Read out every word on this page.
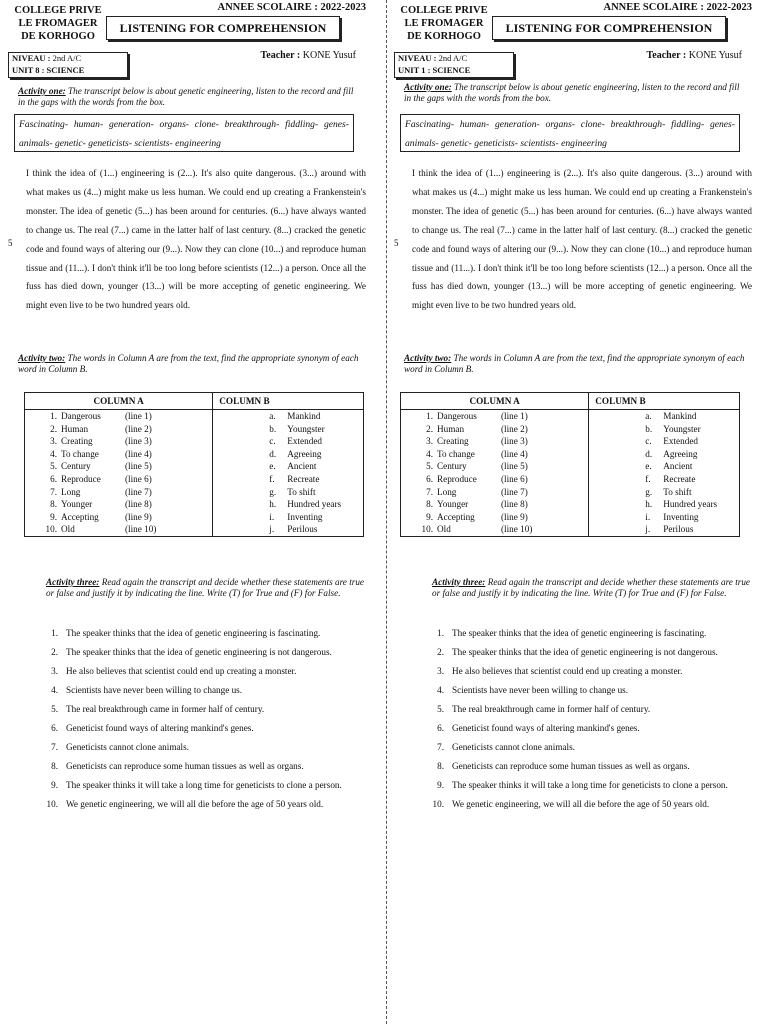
COLLEGE PRIVE
LE FROMAGER
DE KORHOGO
ANNEE SCOLAIRE : 2022-2023
LISTENING FOR COMPREHENSION
NIVEAU : 2nd A/C
UNIT 8 : SCIENCE
Teacher : KONE Yusuf
Activity one: The transcript below is about genetic engineering, listen to the record and fill in the gaps with the words from the box.
Fascinating- human- generation- organs- clone- breakthrough- fiddling- genes- animals- genetic- geneticists- scientists- engineering
5
I think the idea of (1...) engineering is (2...). It's also quite dangerous. (3...) around with what makes us (4...) might make us less human. We could end up creating a Frankenstein's monster. The idea of genetic (5...) has been around for centuries. (6...) have always wanted to change us. The real (7...) came in the latter half of last century. (8...) cracked the genetic code and found ways of altering our (9...). Now they can clone (10...) and reproduce human tissue and (11...). I don't think it'll be too long before scientists (12...) a person. Once all the fuss has died down, younger (13...) will be more accepting of genetic engineering. We might even live to be two hundred years old.
Activity two: The words in Column A are from the text, find the appropriate synonym of each word in Column B.
COLUMN A	COLUMN B

1. Dangerous (line 1)	a. Mankind

2. Human (line 2)	b. Youngster

3. Creating (line 3)	c. Extended

4. To change (line 4)	d. Agreeing

5. Century (line 5)	e. Ancient

6. Reproduce (line 6)	f. Recreate

7. Long (line 7)	g. To shift

8. Younger (line 8)	h. Hundred years

9. Accepting (line 9)	i. Inventing

10. Old (line 10)	j. Perilous
Activity three: Read again the transcript and decide whether these statements are true or false and justify it by indicating the line. Write (T) for True and (F) for False.
1. The speaker thinks that the idea of genetic engineering is fascinating.
2. The speaker thinks that the idea of genetic engineering is not dangerous.
3. He also believes that scientist could end up creating a monster.
4. Scientists have never been willing to change us.
5. The real breakthrough came in former half of century.
6. Geneticist found ways of altering mankind's genes.
7. Geneticists cannot clone animals.
8. Geneticists can reproduce some human tissues as well as organs.
9. The speaker thinks it will take a long time for geneticists to clone a person.
10. We genetic engineering, we will all die before the age of 50 years old.
COLLEGE PRIVE
LE FROMAGER
DE KORHOGO
ANNEE SCOLAIRE : 2022-2023
LISTENING FOR COMPREHENSION
NIVEAU : 2nd A/C
UNIT 1 : SCIENCE
Teacher : KONE Yusuf
Activity one: The transcript below is about genetic engineering, listen to the record and fill in the gaps with the words from the box.
Fascinating- human- generation- organs- clone- breakthrough- fiddling- genes- animals- genetic- geneticists- scientists- engineering
5
I think the idea of (1...) engineering is (2...). It's also quite dangerous. (3...) around with what makes us (4...) might make us less human. We could end up creating a Frankenstein's monster. The idea of genetic (5...) has been around for centuries. (6...) have always wanted to change us. The real (7...) came in the latter half of last century. (8...) cracked the genetic code and found ways of altering our (9...). Now they can clone (10...) and reproduce human tissue and (11...). I don't think it'll be too long before scientists (12...) a person. Once all the fuss has died down, younger (13...) will be more accepting of genetic engineering. We might even live to be two hundred years old.
Activity two: The words in Column A are from the text, find the appropriate synonym of each word in Column B.
COLUMN A	COLUMN B

1. Dangerous (line 1)	a. Mankind

2. Human (line 2)	b. Youngster

3. Creating (line 3)	c. Extended

4. To change (line 4)	d. Agreeing

5. Century (line 5)	e. Ancient

6. Reproduce (line 6)	f. Recreate

7. Long (line 7)	g. To shift

8. Younger (line 8)	h. Hundred years

9. Accepting (line 9)	i. Inventing

10. Old (line 10)	j. Perilous
Activity three: Read again the transcript and decide whether these statements are true or false and justify it by indicating the line. Write (T) for True and (F) for False.
1. The speaker thinks that the idea of genetic engineering is fascinating.
2. The speaker thinks that the idea of genetic engineering is not dangerous.
3. He also believes that scientist could end up creating a monster.
4. Scientists have never been willing to change us.
5. The real breakthrough came in former half of century.
6. Geneticist found ways of altering mankind's genes.
7. Geneticists cannot clone animals.
8. Geneticists can reproduce some human tissues as well as organs.
9. The speaker thinks it will take a long time for geneticists to clone a person.
10. We genetic engineering, we will all die before the age of 50 years old.
